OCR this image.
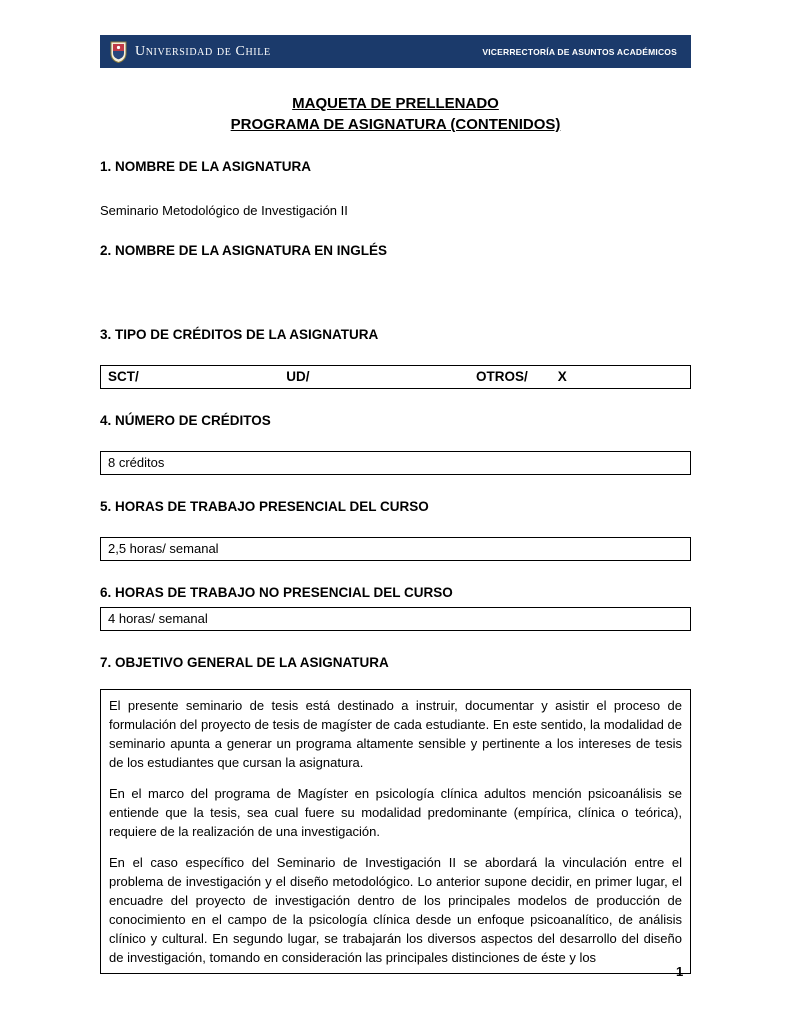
Universidad de Chile	VICERRECTORÍA DE ASUNTOS ACADÉMICOS
MAQUETA DE PRELLENADO
PROGRAMA DE ASIGNATURA (CONTENIDOS)
1. NOMBRE DE LA ASIGNATURA
Seminario Metodológico de Investigación II
2. NOMBRE DE LA ASIGNATURA EN INGLÉS
3. TIPO DE CRÉDITOS DE LA ASIGNATURA
SCT/	UD/	OTROS/ X
4. NÚMERO DE CRÉDITOS
8 créditos
5. HORAS DE TRABAJO PRESENCIAL DEL CURSO
2,5 horas/ semanal
6. HORAS DE TRABAJO NO PRESENCIAL DEL CURSO
4 horas/ semanal
7. OBJETIVO GENERAL DE LA ASIGNATURA

El presente seminario de tesis está destinado a instruir, documentar y asistir el proceso de formulación del proyecto de tesis de magíster de cada estudiante. En este sentido, la modalidad de seminario apunta a generar un programa altamente sensible y pertinente a los intereses de tesis de los estudiantes que cursan la asignatura.

En el marco del programa de Magíster en psicología clínica adultos mención psicoanálisis se entiende que la tesis, sea cual fuere su modalidad predominante (empírica, clínica o teórica), requiere de la realización de una investigación.

En el caso específico del Seminario de Investigación II se abordará la vinculación entre el problema de investigación y el diseño metodológico. Lo anterior supone decidir, en primer lugar, el encuadre del proyecto de investigación dentro de los principales modelos de producción de conocimiento en el campo de la psicología clínica desde un enfoque psicoanalítico, de análisis clínico y cultural. En segundo lugar, se trabajarán los diversos aspectos del desarrollo del diseño de investigación, tomando en consideración las principales distinciones de éste y los

1
